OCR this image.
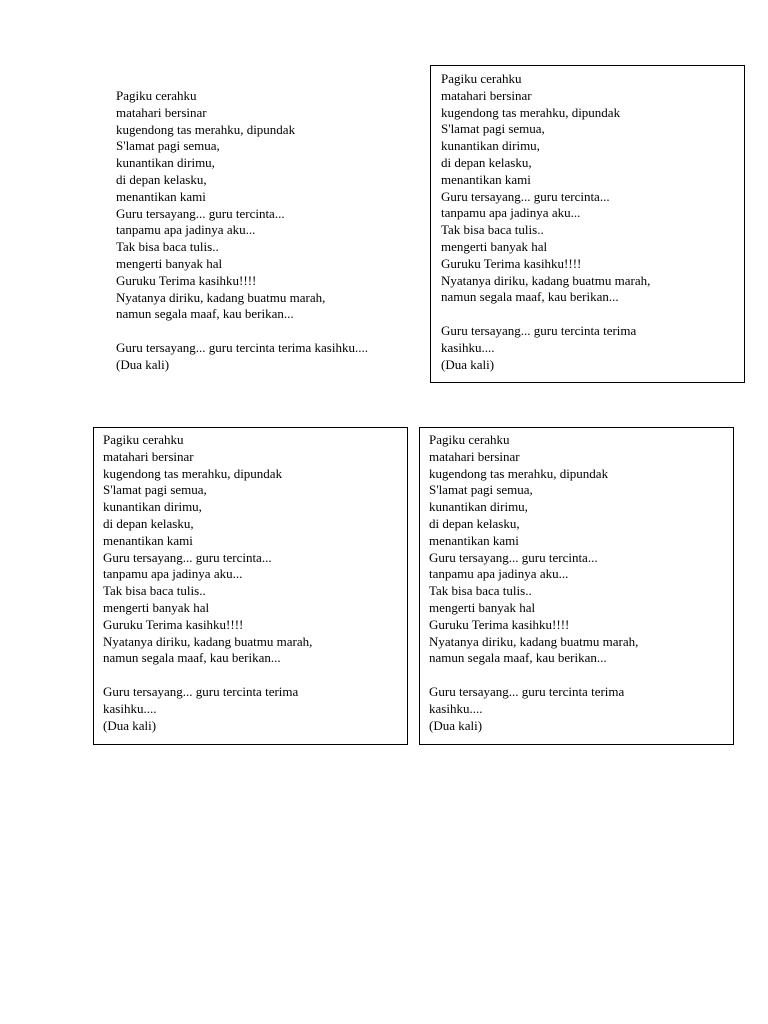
Pagiku cerahku
matahari bersinar
kugendong tas merahku, dipundak
S'lamat pagi semua,
kunantikan dirimu,
di depan kelasku,
menantikan kami
Guru tersayang... guru tercinta...
tanpamu apa jadinya aku...
Tak bisa baca tulis..
mengerti banyak hal
Guruku Terima kasihku!!!!
Nyatanya diriku, kadang buatmu marah,
namun segala maaf, kau berikan...
Guru tersayang... guru tercinta terima kasihku....
(Dua kali)
Pagiku cerahku
matahari bersinar
kugendong tas merahku, dipundak
S'lamat pagi semua,
kunantikan dirimu,
di depan kelasku,
menantikan kami
Guru tersayang... guru tercinta...
tanpamu apa jadinya aku...
Tak bisa baca tulis..
mengerti banyak hal
Guruku Terima kasihku!!!!
Nyatanya diriku, kadang buatmu marah,
namun segala maaf, kau berikan...
Guru tersayang... guru tercinta terima
kasihku....
(Dua kali)
Pagiku cerahku
matahari bersinar
kugendong tas merahku, dipundak
S'lamat pagi semua,
kunantikan dirimu,
di depan kelasku,
menantikan kami
Guru tersayang... guru tercinta...
tanpamu apa jadinya aku...
Tak bisa baca tulis..
mengerti banyak hal
Guruku Terima kasihku!!!!
Nyatanya diriku, kadang buatmu marah,
namun segala maaf, kau berikan...
Guru tersayang... guru tercinta terima
kasihku....
(Dua kali)
Pagiku cerahku
matahari bersinar
kugendong tas merahku, dipundak
S'lamat pagi semua,
kunantikan dirimu,
di depan kelasku,
menantikan kami
Guru tersayang... guru tercinta...
tanpamu apa jadinya aku...
Tak bisa baca tulis..
mengerti banyak hal
Guruku Terima kasihku!!!!
Nyatanya diriku, kadang buatmu marah,
namun segala maaf, kau berikan...
Guru tersayang... guru tercinta terima
kasihku....
(Dua kali)
